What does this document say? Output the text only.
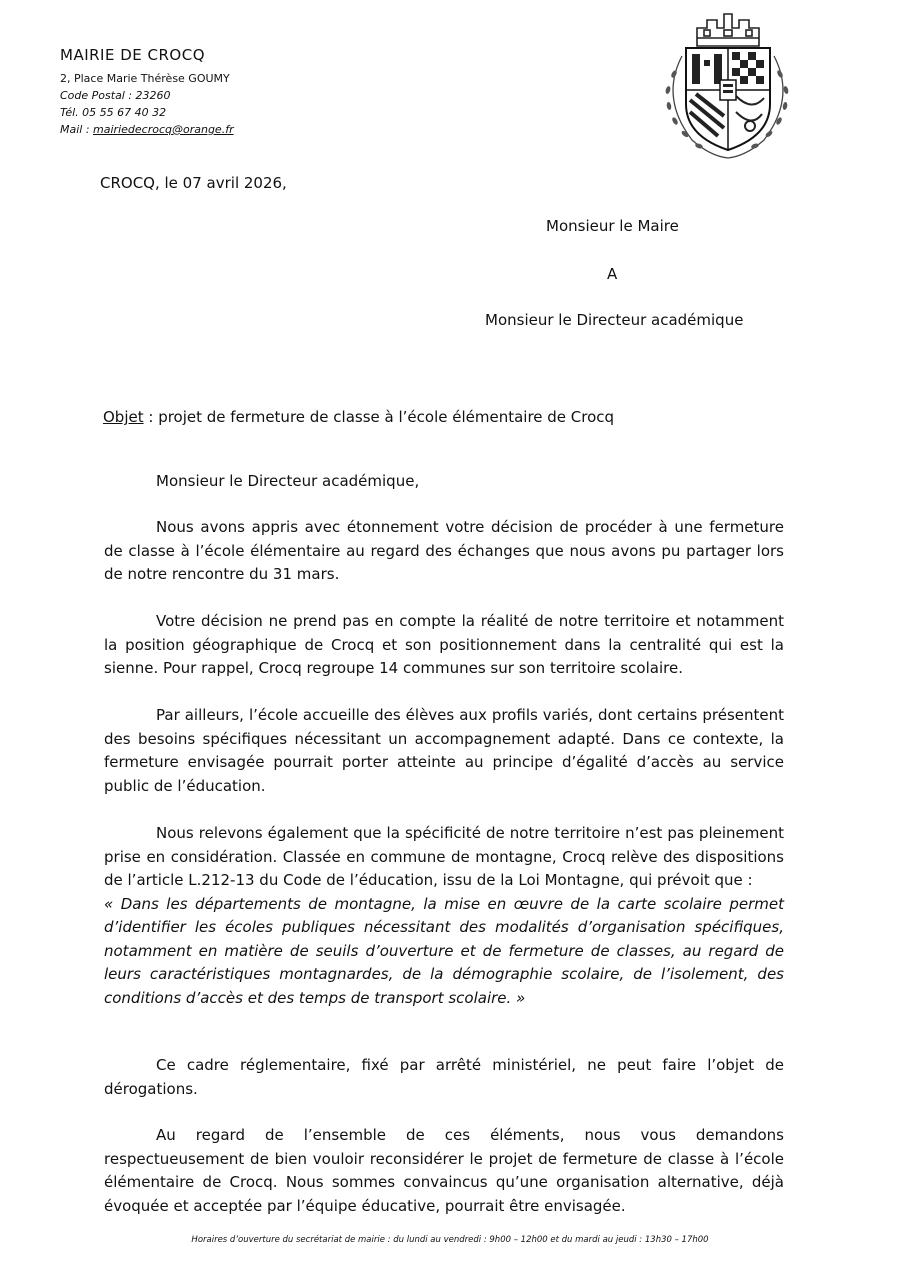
MAIRIE DE CROCQ
2, Place Marie Thérèse GOUMY
Code Postal : 23260
Tél. 05 55 67 40 32
Mail : mairiedecrocq@orange.fr
CROCQ, le 07 avril 2026,
Monsieur le Maire
A
Monsieur le Directeur académique
Objet : projet de fermeture de classe à l’école élémentaire de Crocq
Monsieur le Directeur académique,

Nous avons appris avec étonnement votre décision de procéder à une fermeture de classe à l’école élémentaire au regard des échanges que nous avons pu partager lors de notre rencontre du 31 mars.

Votre décision ne prend pas en compte la réalité de notre territoire et notamment la position géographique de Crocq et son positionnement dans la centralité qui est la sienne. Pour rappel, Crocq regroupe 14 communes sur son territoire scolaire.

Par ailleurs, l’école accueille des élèves aux profils variés, dont certains présentent des besoins spécifiques nécessitant un accompagnement adapté. Dans ce contexte, la fermeture envisagée pourrait porter atteinte au principe d’égalité d’accès au service public de l’éducation.

Nous relevons également que la spécificité de notre territoire n’est pas pleinement prise en considération. Classée en commune de montagne, Crocq relève des dispositions de l’article L.212-13 du Code de l’éducation, issu de la Loi Montagne, qui prévoit que :
« Dans les départements de montagne, la mise en œuvre de la carte scolaire permet d’identifier les écoles publiques nécessitant des modalités d’organisation spécifiques, notamment en matière de seuils d’ouverture et de fermeture de classes, au regard de leurs caractéristiques montagnardes, de la démographie scolaire, de l’isolement, des conditions d’accès et des temps de transport scolaire. »

Ce cadre réglementaire, fixé par arrêté ministériel, ne peut faire l’objet de dérogations.

Au regard de l’ensemble de ces éléments, nous vous demandons respectueusement de bien vouloir reconsidérer le projet de fermeture de classe à l’école élémentaire de Crocq. Nous sommes convaincus qu’une organisation alternative, déjà évoquée et acceptée par l’équipe éducative, pourrait être envisagée.

Horaires d’ouverture du secrétariat de mairie : du lundi au vendredi : 9h00 – 12h00 et du mardi au jeudi : 13h30 – 17h00
